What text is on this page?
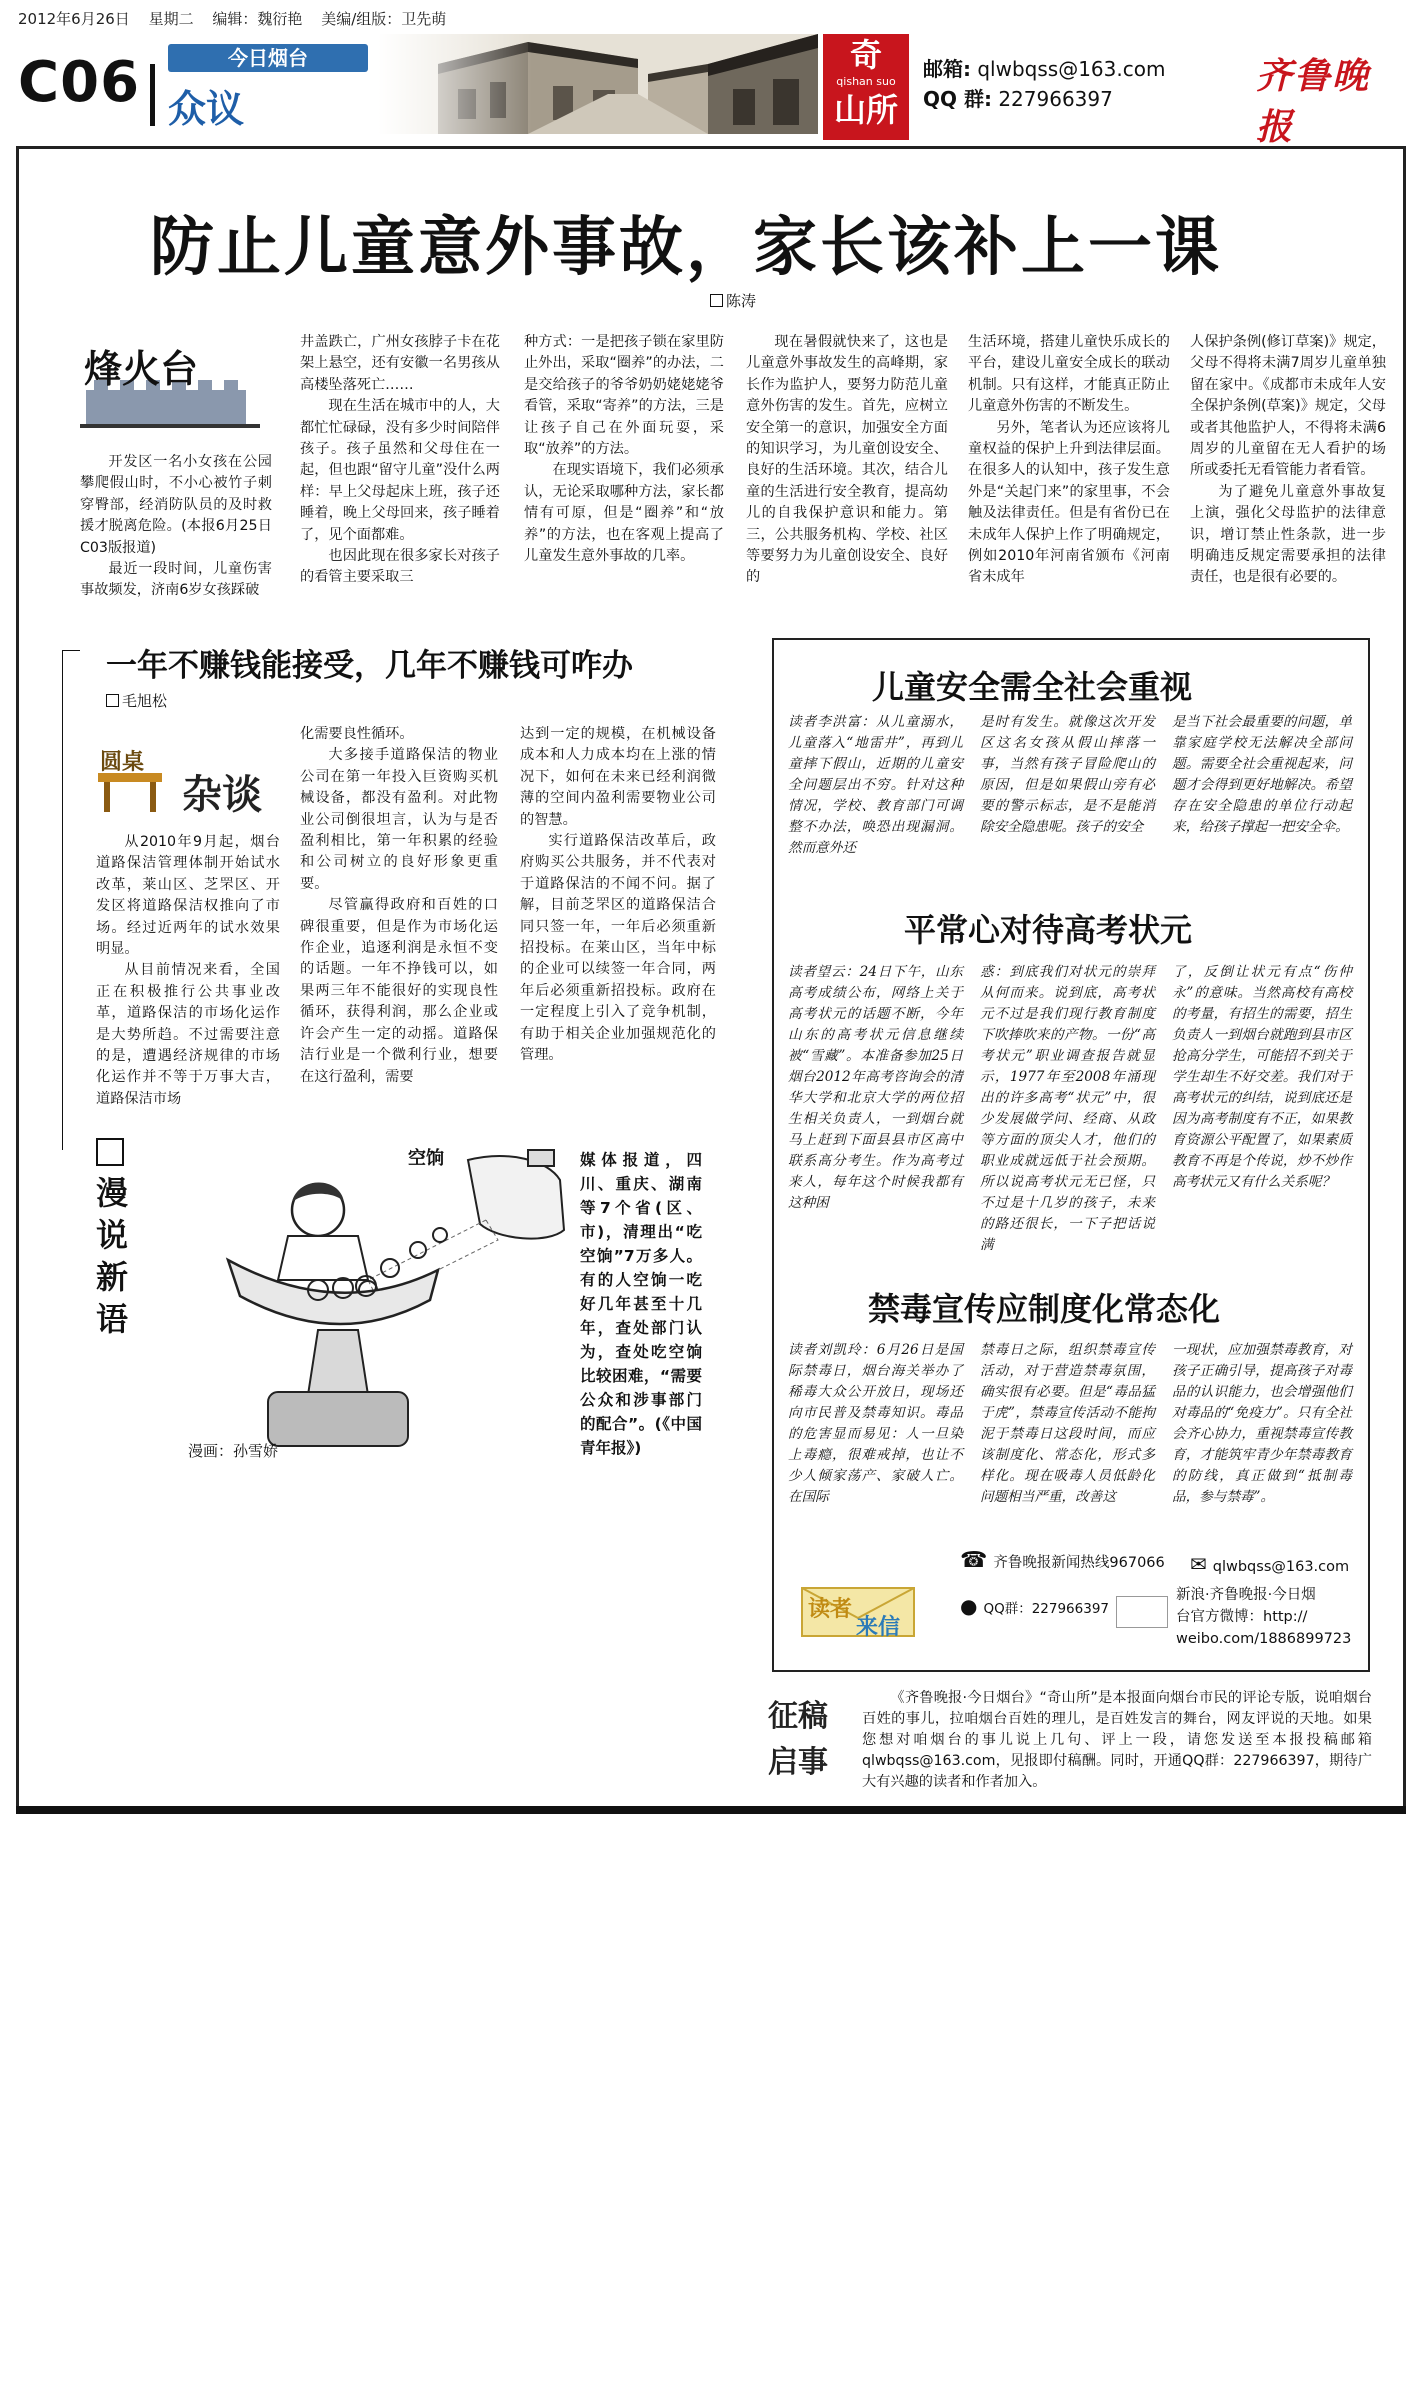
2012年6月26日 星期二 编辑：魏衍艳 美编/组版：卫先萌
C06	今日烟台
众议
奇
qishan suo
山所
邮箱: qlwbqss@163.com
QQ 群: 227966397
齐鲁晚报
防止儿童意外事故，家长该补上一课
陈涛
烽火台

开发区一名小女孩在公园攀爬假山时，不小心被竹子刺穿臀部，经消防队员的及时救援才脱离危险。(本报6月25日C03版报道)

最近一段时间，儿童伤害事故频发，济南6岁女孩踩破

井盖跌亡，广州女孩脖子卡在花架上悬空，还有安徽一名男孩从高楼坠落死亡……

现在生活在城市中的人，大都忙忙碌碌，没有多少时间陪伴孩子。孩子虽然和父母住在一起，但也跟“留守儿童”没什么两样：早上父母起床上班，孩子还睡着，晚上父母回来，孩子睡着了，见个面都难。

也因此现在很多家长对孩子的看管主要采取三

种方式：一是把孩子锁在家里防止外出，采取“圈养”的办法，二是交给孩子的爷爷奶奶姥姥姥爷看管，采取“寄养”的方法，三是让孩子自己在外面玩耍，采取“放养”的方法。

在现实语境下，我们必须承认，无论采取哪种方法，家长都情有可原，但是“圈养”和“放养”的方法，也在客观上提高了儿童发生意外事故的几率。

现在暑假就快来了，这也是儿童意外事故发生的高峰期，家长作为监护人，要努力防范儿童意外伤害的发生。首先，应树立安全第一的意识，加强安全方面的知识学习，为儿童创设安全、良好的生活环境。其次，结合儿童的生活进行安全教育，提高幼儿的自我保护意识和能力。第三，公共服务机构、学校、社区等要努力为儿童创设安全、良好的

生活环境，搭建儿童快乐成长的平台，建设儿童安全成长的联动机制。只有这样，才能真正防止儿童意外伤害的不断发生。

另外，笔者认为还应该将儿童权益的保护上升到法律层面。在很多人的认知中，孩子发生意外是“关起门来”的家里事，不会触及法律责任。但是有省份已在未成年人保护上作了明确规定，例如2010年河南省颁布《河南省未成年

人保护条例(修订草案)》规定，父母不得将未满7周岁儿童单独留在家中。《成都市未成年人安全保护条例(草案)》规定，父母或者其他监护人，不得将未满6周岁的儿童留在无人看护的场所或委托无看管能力者看管。

为了避免儿童意外事故复上演，强化父母监护的法律意识，增订禁止性条款，进一步明确违反规定需要承担的法律责任，也是很有必要的。

一年不赚钱能接受，几年不赚钱可咋办
毛旭松
圆桌
杂谈

从2010年9月起，烟台道路保洁管理体制开始试水改革，莱山区、芝罘区、开发区将道路保洁权推向了市场。经过近两年的试水效果明显。

从目前情况来看，全国正在积极推行公共事业改革，道路保洁的市场化运作是大势所趋。不过需要注意的是，遭遇经济规律的市场化运作并不等于万事大吉，道路保洁市场

化需要良性循环。

大多接手道路保洁的物业公司在第一年投入巨资购买机械设备，都没有盈利。对此物业公司倒很坦言，认为与是否盈利相比，第一年积累的经验和公司树立的良好形象更重要。

尽管赢得政府和百姓的口碑很重要，但是作为市场化运作企业，追逐利润是永恒不变的话题。一年不挣钱可以，如果两三年不能很好的实现良性循环，获得利润，那么企业或许会产生一定的动摇。道路保洁行业是一个微利行业，想要在这行盈利，需要

达到一定的规模，在机械设备成本和人力成本均在上涨的情况下，如何在未来已经利润微薄的空间内盈利需要物业公司的智慧。

实行道路保洁改革后，政府购买公共服务，并不代表对于道路保洁的不闻不问。据了解，目前芝罘区的道路保洁合同只签一年，一年后必须重新招投标。在莱山区，当年中标的企业可以续签一年合同，两年后必须重新招投标。政府在一定程度上引入了竞争机制，有助于相关企业加强规范化的管理。

漫说新语
空饷
漫画：孙雪娇
媒体报道，四川、重庆、湖南等7个省(区、市)，清理出“吃空饷”7万多人。有的人空饷一吃好几年甚至十几年，查处部门认为，查处吃空饷比较困难，“需要公众和涉事部门的配合”。(《中国青年报》)
儿童安全需全社会重视
读者李洪富：从儿童溺水，儿童落入“地雷井”，再到儿童摔下假山，近期的儿童安全问题层出不穷。针对这种情况，学校、教育部门可调整不办法，唤恐出现漏洞。然而意外还
是时有发生。就像这次开发区这名女孩从假山摔落一事，当然有孩子冒险爬山的原因，但是如果假山旁有必要的警示标志，是不是能消除安全隐患呢。孩子的安全
是当下社会最重要的问题，单靠家庭学校无法解决全部问题。需要全社会重视起来，问题才会得到更好地解决。希望存在安全隐患的单位行动起来，给孩子撑起一把安全伞。
平常心对待高考状元
读者望云：24日下午，山东高考成绩公布，网络上关于高考状元的话题不断，今年山东的高考状元信息继续被“雪藏”。本准备参加25日烟台2012年高考咨询会的清华大学和北京大学的两位招生相关负责人，一到烟台就马上赶到下面县县市区高中联系高分考生。作为高考过来人，每年这个时候我都有这种困
惑：到底我们对状元的崇拜从何而来。说到底，高考状元不过是我们现行教育制度下吹捧吹来的产物。一份“高考状元”职业调查报告就显示，1977年至2008年涌现出的许多高考“状元”中，很少发展做学问、经商、从政等方面的顶尖人才，他们的职业成就远低于社会预期。所以说高考状元无已怪，只不过是十几岁的孩子，未来的路还很长，一下子把话说满
了，反倒让状元有点“伤仲永”的意味。当然高校有高校的考量，有招生的需要，招生负责人一到烟台就跑到县市区抢高分学生，可能招不到关于学生却生不好交差。我们对于高考状元的纠结，说到底还是因为高考制度有不正，如果教育资源公平配置了，如果素质教育不再是个传说，炒不炒作高考状元又有什么关系呢？
禁毒宣传应制度化常态化
读者刘凯玲：6月26日是国际禁毒日，烟台海关举办了稀毒大众公开放日，现场还向市民普及禁毒知识。毒品的危害显而易见：人一旦染上毒瘾，很难戒掉，也让不少人倾家荡产、家破人亡。在国际
禁毒日之际，组织禁毒宣传活动，对于营造禁毒氛围，确实很有必要。但是“毒品猛于虎”，禁毒宣传活动不能拘泥于禁毒日这段时间，而应该制度化、常态化，形式多样化。现在吸毒人员低龄化问题相当严重，改善这
一现状，应加强禁毒教育，对孩子正确引导，提高孩子对毒品的认识能力，也会增强他们对毒品的“免疫力”。只有全社会齐心协力，重视禁毒宣传教育，才能筑牢青少年禁毒教育的防线，真正做到“抵制毒品，参与禁毒”。
读者
来信
☎ 齐鲁晚报新闻热线967066 ✉ qlwbqss@163.com
● QQ群：227966397
新浪·齐鲁晚报·今日烟
台官方微博：http://
weibo.com/1886899723
征稿
启事
《齐鲁晚报·今日烟台》“奇山所”是本报面向烟台市民的评论专版，说咱烟台百姓的事儿，拉咱烟台百姓的理儿，是百姓发言的舞台，网友评说的天地。如果您想对咱烟台的事儿说上几句、评上一段，请您发送至本报投稿邮箱qlwbqss@163.com，见报即付稿酬。同时，开通QQ群：227966397，期待广大有兴趣的读者和作者加入。
